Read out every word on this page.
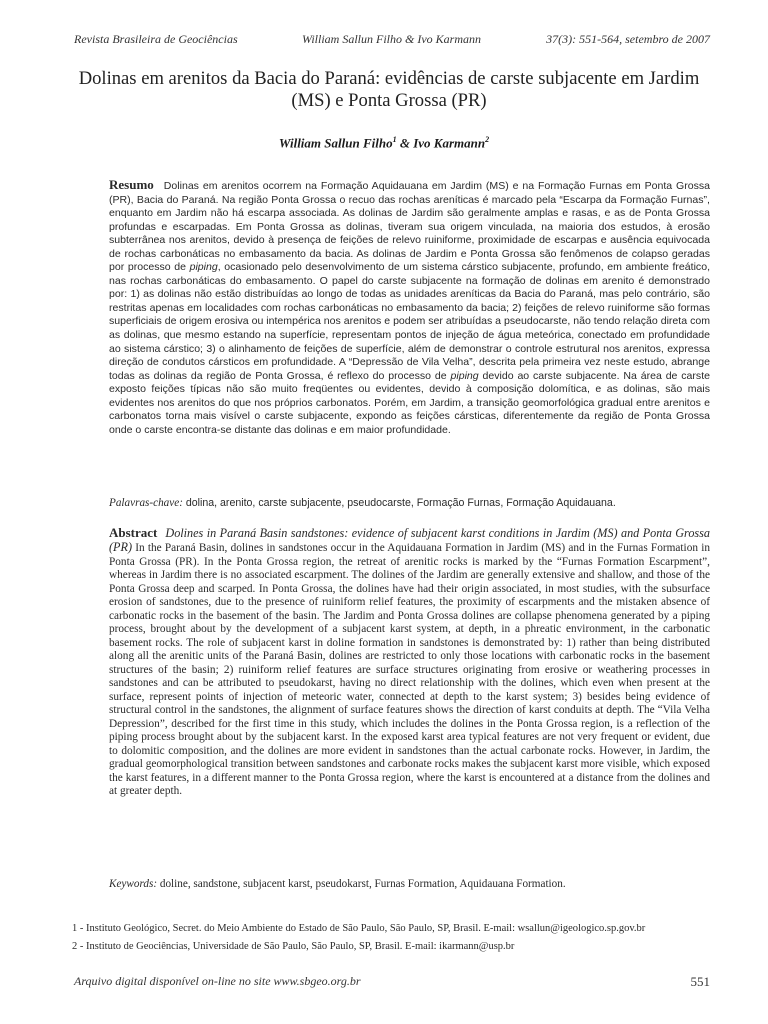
Revista Brasileira de Geociências	William Sallun Filho & Ivo Karmann	37(3): 551-564, setembro de 2007
Dolinas em arenitos da Bacia do Paraná: evidências de carste subjacente em Jardim (MS) e Ponta Grossa (PR)
William Sallun Filho$^1$ & Ivo Karmann$^2$
Resumo Dolinas em arenitos ocorrem na Formação Aquidauana em Jardim (MS) e na Formação Furnas em Ponta Grossa (PR), Bacia do Paraná. Na região Ponta Grossa o recuo das rochas areníticas é marcado pela “Escarpa da Formação Furnas”, enquanto em Jardim não há escarpa associada. As dolinas de Jardim são geralmente amplas e rasas, e as de Ponta Grossa profundas e escarpadas. Em Ponta Grossa as dolinas, tiveram sua origem vinculada, na maioria dos estudos, à erosão subterrânea nos arenitos, devido à presença de feições de relevo ruiniforme, proximidade de escarpas e ausência equivocada de rochas carbonáticas no embasamento da bacia. As dolinas de Jardim e Ponta Grossa são fenômenos de colapso geradas por processo de piping, ocasionado pelo desenvolvimento de um sistema cárstico subjacente, profundo, em ambiente freático, nas rochas carbonáticas do embasamento. O papel do carste subjacente na formação de dolinas em arenito é demonstrado por: 1) as dolinas não estão distribuídas ao longo de todas as unidades areníticas da Bacia do Paraná, mas pelo contrário, são restritas apenas em localidades com rochas carbonáticas no embasamento da bacia; 2) feições de relevo ruiniforme são formas superficiais de origem erosiva ou intempérica nos arenitos e podem ser atribuídas a pseudocarste, não tendo relação direta com as dolinas, que mesmo estando na superfície, representam pontos de injeção de água meteórica, conectado em profundidade ao sistema cárstico; 3) o alinhamento de feições de superfície, além de demonstrar o controle estrutural nos arenitos, expressa direção de condutos cársticos em profundidade. A “Depressão de Vila Velha”, descrita pela primeira vez neste estudo, abrange todas as dolinas da região de Ponta Grossa, é reflexo do processo de piping devido ao carste subjacente. Na área de carste exposto feições típicas não são muito freqüentes ou evidentes, devido à composição dolomítica, e as dolinas, são mais evidentes nos arenitos do que nos próprios carbonatos. Porém, em Jardim, a transição geomorfológica gradual entre arenitos e carbonatos torna mais visível o carste subjacente, expondo as feições cársticas, diferentemente da região de Ponta Grossa onde o carste encontra-se distante das dolinas e em maior profundidade.
Palavras-chave: dolina, arenito, carste subjacente, pseudocarste, Formação Furnas, Formação Aquidauana.
Abstract Dolines in Paraná Basin sandstones: evidence of subjacent karst conditions in Jardim (MS) and Ponta Grossa (PR) In the Paraná Basin, dolines in sandstones occur in the Aquidauana Formation in Jardim (MS) and in the Furnas Formation in Ponta Grossa (PR). In the Ponta Grossa region, the retreat of arenitic rocks is marked by the “Furnas Formation Escarpment”, whereas in Jardim there is no associated escarpment. The dolines of the Jardim are generally extensive and shallow, and those of the Ponta Grossa deep and scarped. In Ponta Grossa, the dolines have had their origin associated, in most studies, with the subsurface erosion of sandstones, due to the presence of ruiniform relief features, the proximity of escarpments and the mistaken absence of carbonatic rocks in the basement of the basin. The Jardim and Ponta Grossa dolines are collapse phenomena generated by a piping process, brought about by the development of a subjacent karst system, at depth, in a phreatic environment, in the carbonatic basement rocks. The role of subjacent karst in doline formation in sandstones is demonstrated by: 1) rather than being distributed along all the arenitic units of the Paraná Basin, dolines are restricted to only those locations with carbonatic rocks in the basement structures of the basin; 2) ruiniform relief features are surface structures originating from erosive or weathering processes in sandstones and can be attributed to pseudokarst, having no direct relationship with the dolines, which even when present at the surface, represent points of injection of meteoric water, connected at depth to the karst system; 3) besides being evidence of structural control in the sandstones, the alignment of surface features shows the direction of karst conduits at depth. The “Vila Velha Depression”, described for the first time in this study, which includes the dolines in the Ponta Grossa region, is a reflection of the piping process brought about by the subjacent karst. In the exposed karst area typical features are not very frequent or evident, due to dolomitic composition, and the dolines are more evident in sandstones than the actual carbonate rocks. However, in Jardim, the gradual geomorphological transition between sandstones and carbonate rocks makes the subjacent karst more visible, which exposed the karst features, in a different manner to the Ponta Grossa region, where the karst is encountered at a distance from the dolines and at greater depth.
Keywords: doline, sandstone, subjacent karst, pseudokarst, Furnas Formation, Aquidauana Formation.
1 - Instituto Geológico, Secret. do Meio Ambiente do Estado de São Paulo, São Paulo, SP, Brasil. E-mail: wsallun@igeologico.sp.gov.br
2 - Instituto de Geociências, Universidade de São Paulo, São Paulo, SP, Brasil. E-mail: ikarmann@usp.br
Arquivo digital disponível on-line no site www.sbgeo.org.br	551
